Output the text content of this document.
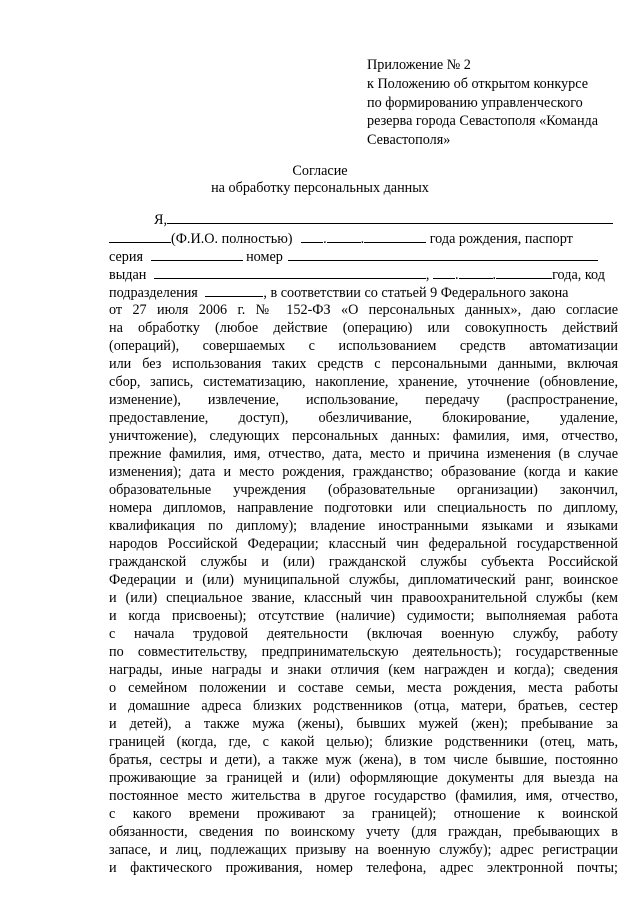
Приложение № 2
к Положению об открытом конкурсе
по формированию управленческого
резерва города Севастополя «Команда
Севастополя»
Согласие
на обработку персональных данных
Я,
(Ф.И.О. полностью) . .	года рождения, паспорт
серия	номер
выдан	, . .	года, код
подразделения	, в соответствии со статьей 9 Федерального закона
от 27 июля 2006 г. № 152-ФЗ «О персональных данных», даю согласие
на обработку (любое действие (операцию) или совокупность действий
(операций), совершаемых с использованием средств автоматизации
или без использования таких средств с персональными данными, включая
сбор, запись, систематизацию, накопление, хранение, уточнение (обновление,
изменение), извлечение, использование, передачу (распространение,
предоставление, доступ), обезличивание, блокирование, удаление,
уничтожение), следующих персональных данных: фамилия, имя, отчество,
прежние фамилия, имя, отчество, дата, место и причина изменения (в случае
изменения); дата и место рождения, гражданство; образование (когда и какие
образовательные учреждения (образовательные организации) закончил,
номера дипломов, направление подготовки или специальность по диплому,
квалификация по диплому); владение иностранными языками и языками
народов Российской Федерации; классный чин федеральной государственной
гражданской службы и (или) гражданской службы субъекта Российской
Федерации и (или) муниципальной службы, дипломатический ранг, воинское
и (или) специальное звание, классный чин правоохранительной службы (кем
и когда присвоены); отсутствие (наличие) судимости; выполняемая работа
с начала трудовой деятельности (включая военную службу, работу
по совместительству, предпринимательскую деятельность); государственные
награды, иные награды и знаки отличия (кем награжден и когда); сведения
о семейном положении и составе семьи, места рождения, места работы
и домашние адреса близких родственников (отца, матери, братьев, сестер
и детей), а также мужа (жены), бывших мужей (жен); пребывание за
границей (когда, где, с какой целью); близкие родственники (отец, мать,
братья, сестры и дети), а также муж (жена), в том числе бывшие, постоянно
проживающие за границей и (или) оформляющие документы для выезда на
постоянное место жительства в другое государство (фамилия, имя, отчество,
с какого времени проживают за границей); отношение к воинской
обязанности, сведения по воинскому учету (для граждан, пребывающих в
запасе, и лиц, подлежащих призыву на военную службу); адрес регистрации
и фактического проживания, номер телефона, адрес электронной почты;
